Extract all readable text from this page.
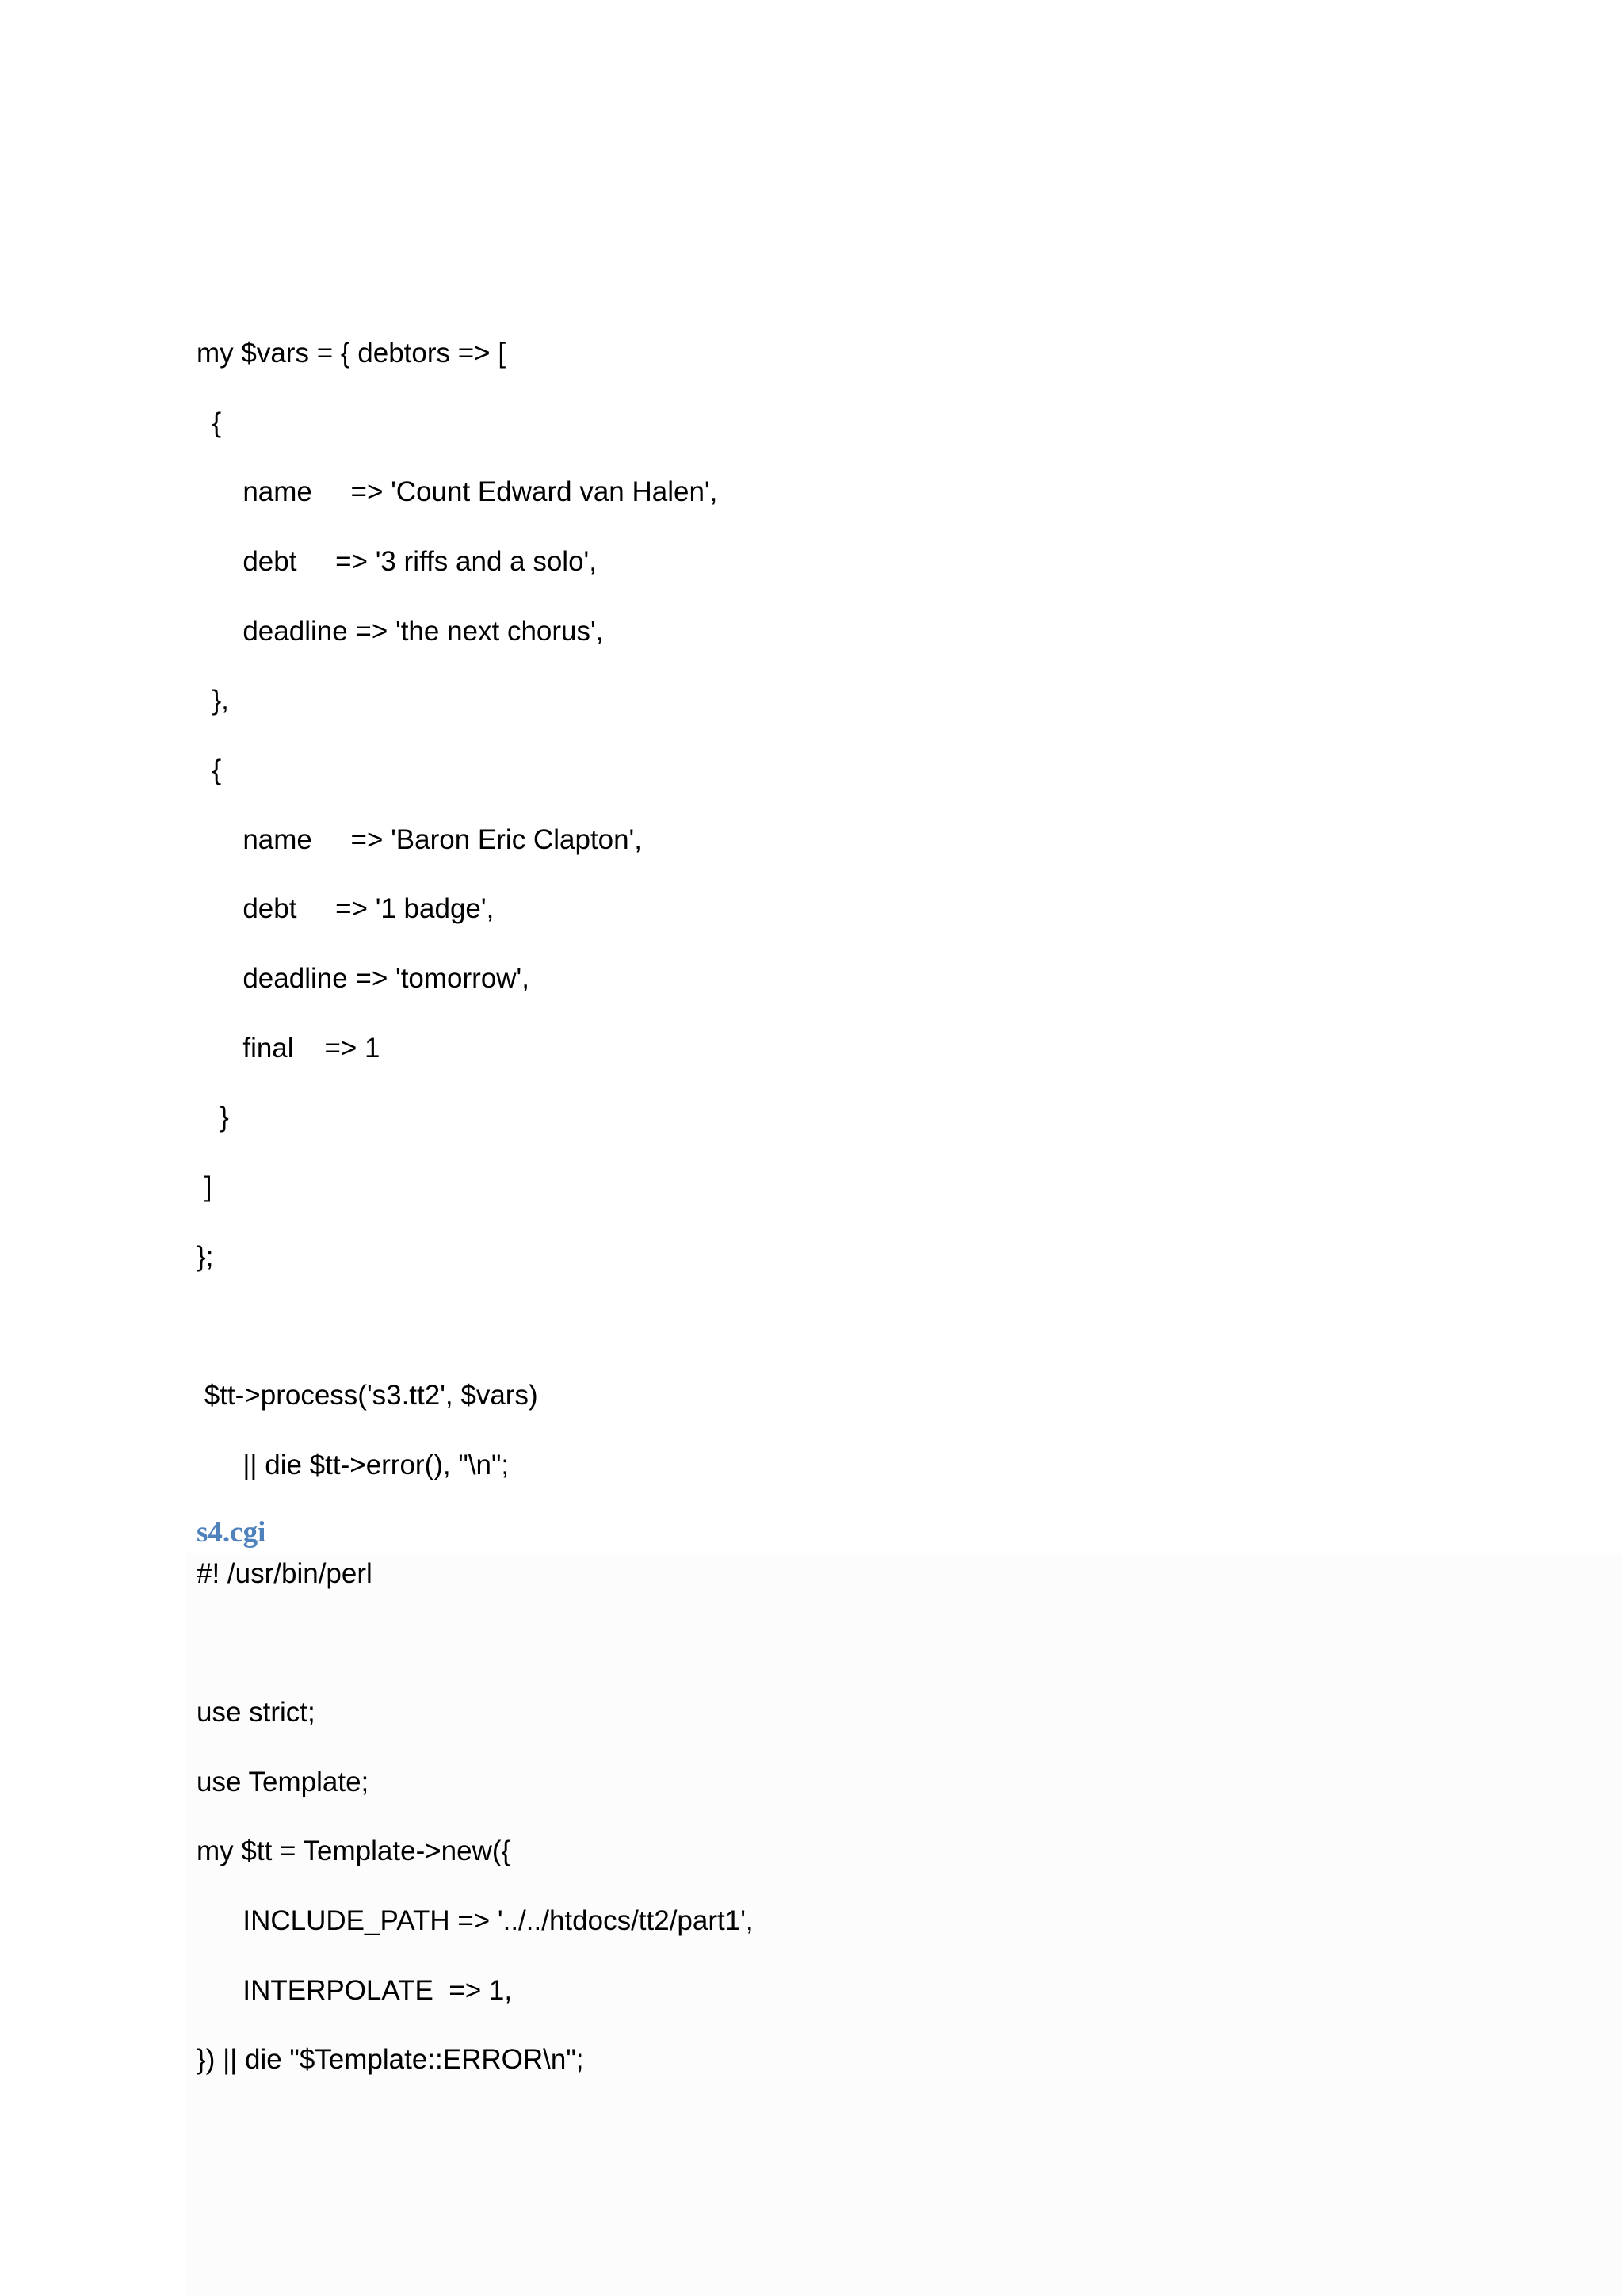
my $vars = { debtors => [
{
name     => 'Count Edward van Halen',
debt     => '3 riffs and a solo',
deadline => 'the next chorus',
},
{
name     => 'Baron Eric Clapton',
debt     => '1 badge',
deadline => 'tomorrow',
final    => 1
}
]
};
$tt->process('s3.tt2', $vars)
|| die $tt->error(), "\n";
s4.cgi
#! /usr/bin/perl
use strict;
use Template;
my $tt = Template->new({
INCLUDE_PATH => '../../htdocs/tt2/part1',
INTERPOLATE  => 1,
}) || die "$Template::ERROR\n";
